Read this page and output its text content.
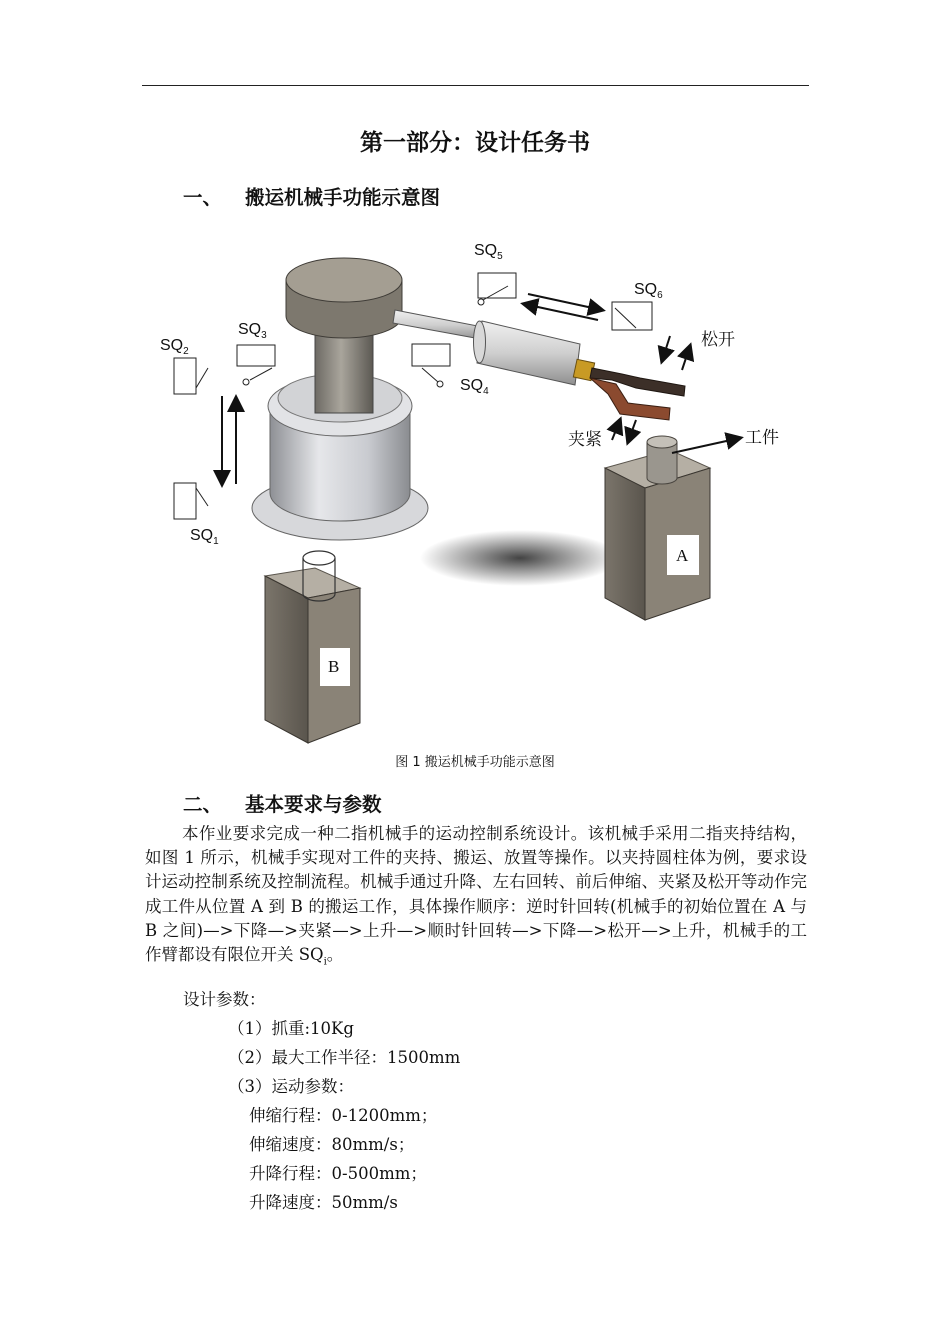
第一部分：设计任务书
一、 搬运机械手功能示意图
$SQ_2$
$SQ_3$
$SQ_4$
$SQ_5$
$SQ_6$
$SQ_1$
松开
夹紧	工件
A
B
图 1 搬运机械手功能示意图
二、 基本要求与参数
本作业要求完成一种二指机械手的运动控制系统设计。该机械手采用二指夹持结构，如图 1 所示，机械手实现对工件的夹持、搬运、放置等操作。以夹持圆柱体为例，要求设计运动控制系统及控制流程。机械手通过升降、左右回转、前后伸缩、夹紧及松开等动作完成工件从位置 A 到 B 的搬运工作，具体操作顺序：逆时针回转(机械手的初始位置在 A 与 B 之间)—>下降—>夹紧—>上升—>顺时针回转—>下降—>松开—>上升，机械手的工作臂都设有限位开关 $SQ_i$。
设计参数：
（1）抓重:10Kg
（2）最大工作半径：1500mm
（3）运动参数：
伸缩行程：0-1200mm；
伸缩速度：80mm/s；
升降行程：0-500mm；
升降速度：50mm/s
